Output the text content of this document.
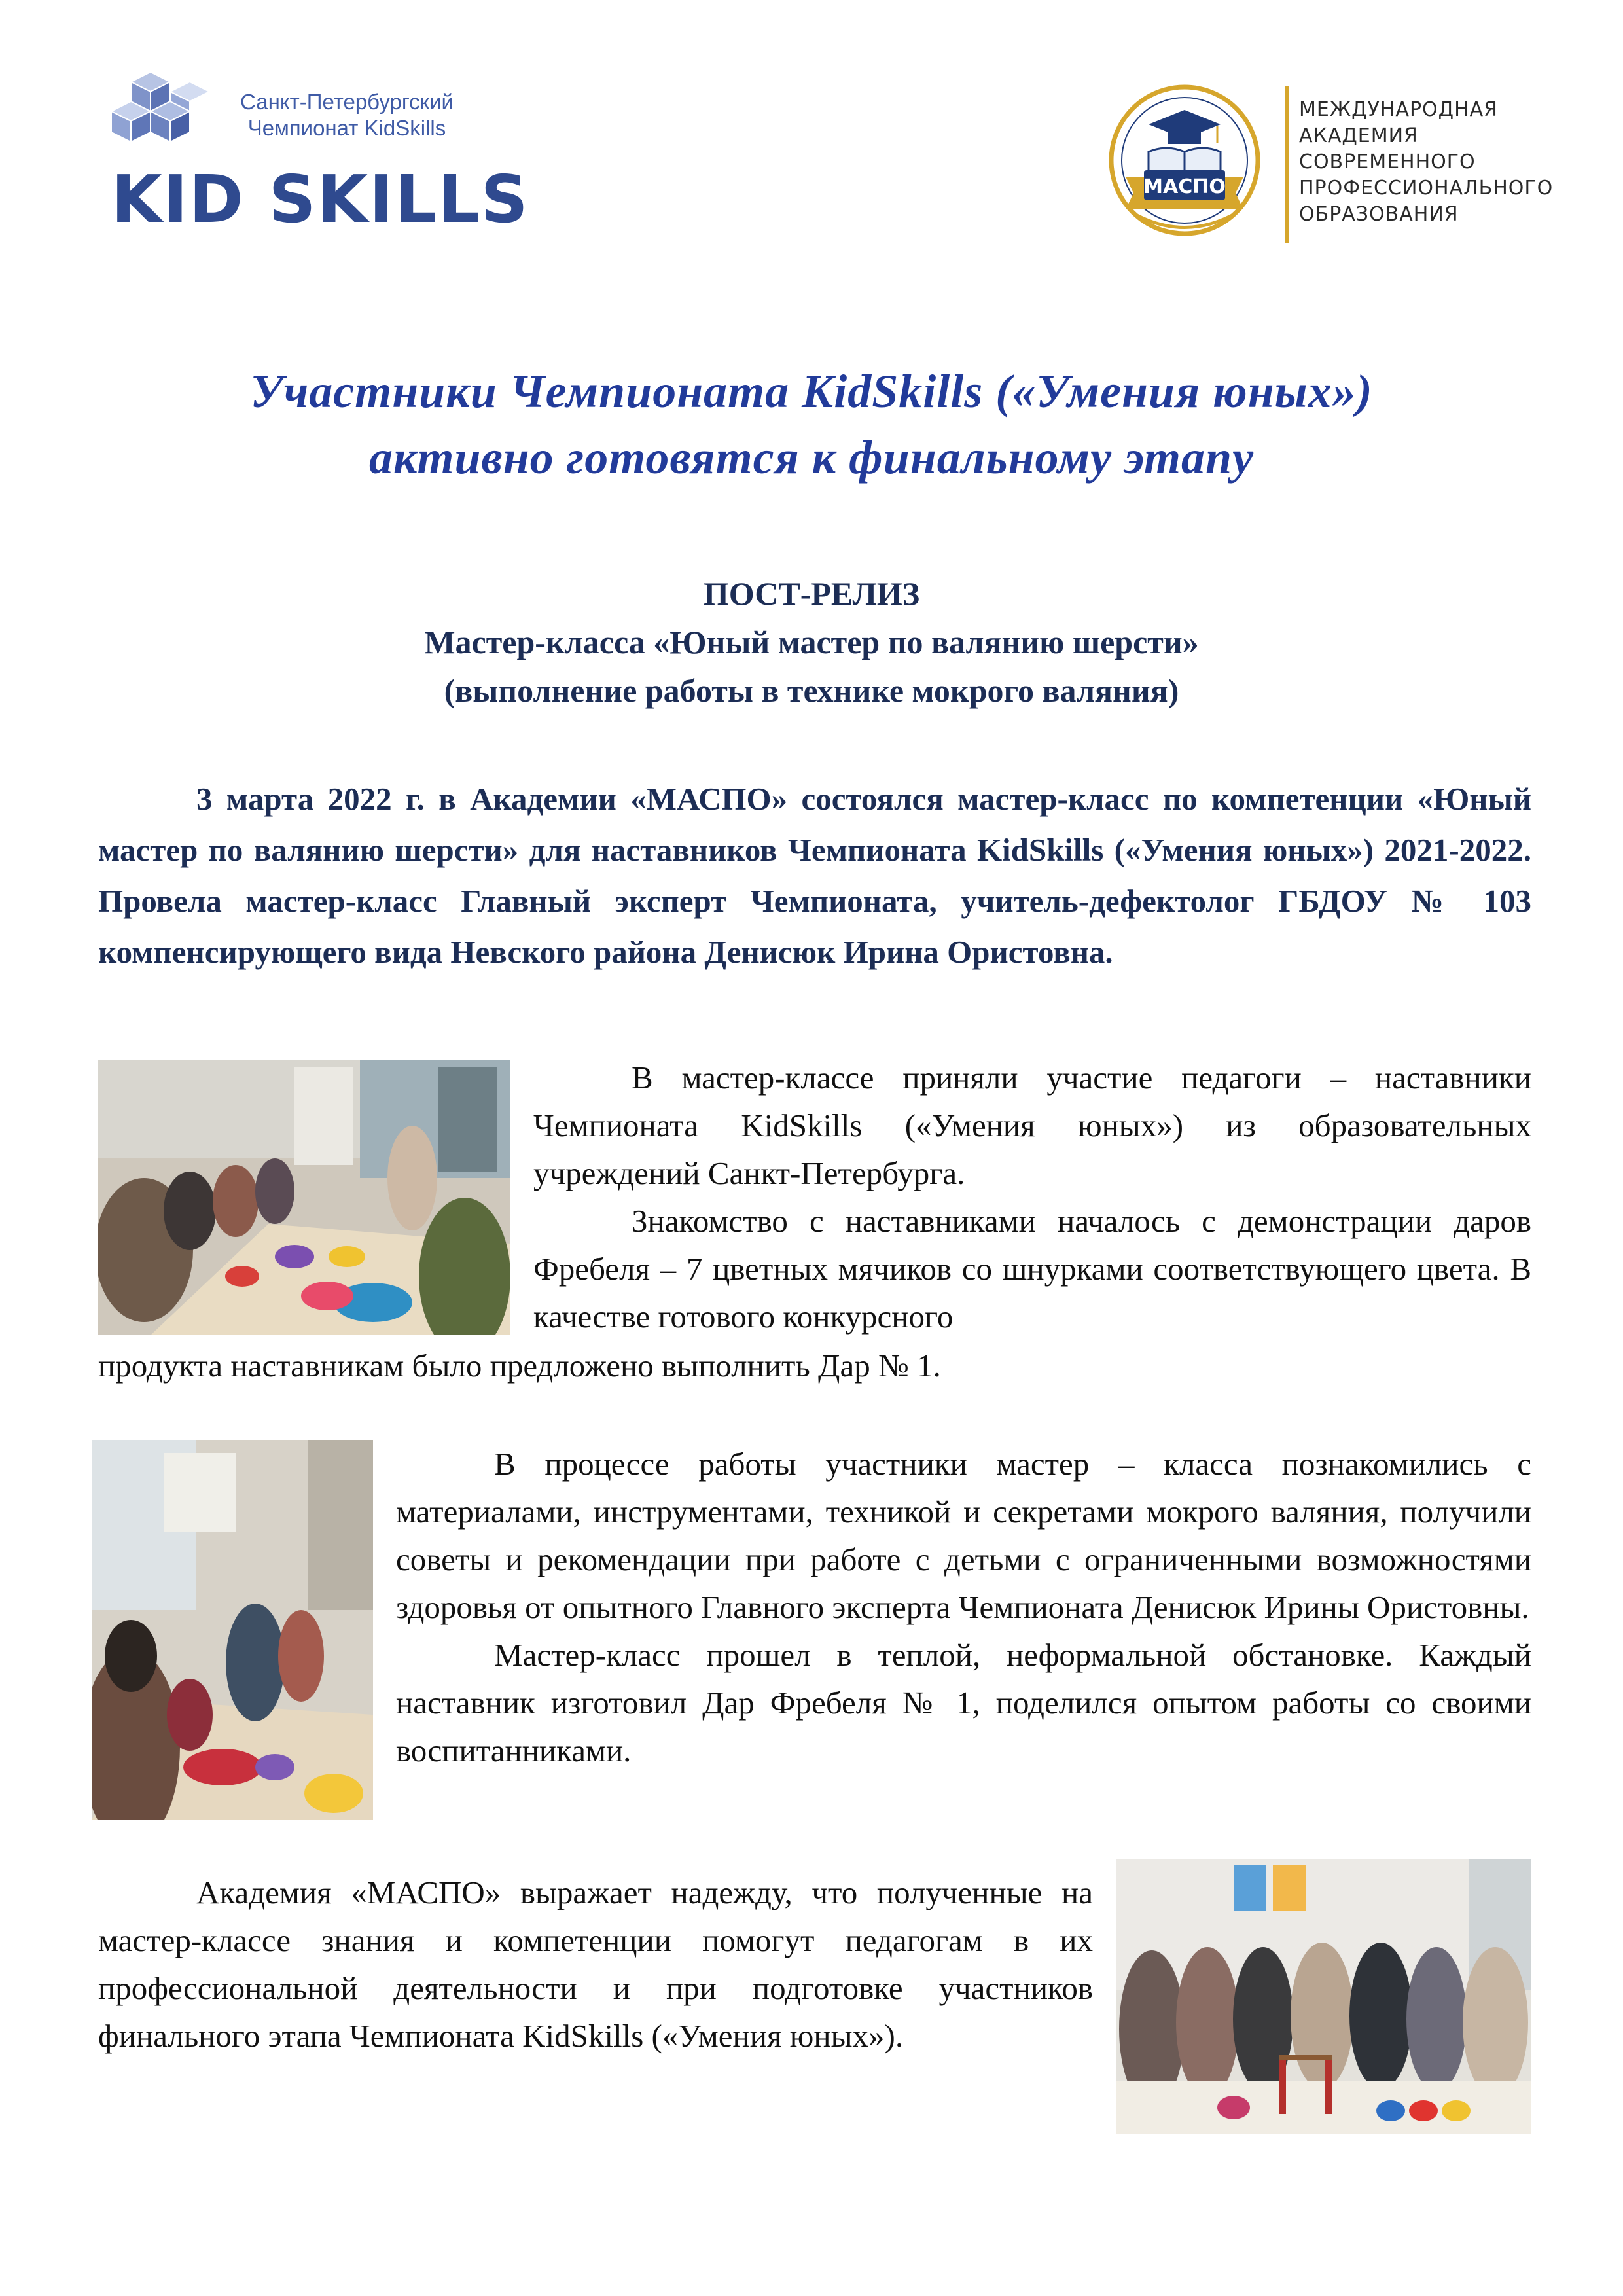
Санкт-Петербургский
Чемпионат KidSkills
KID SKILLS	МАСПО
МЕЖДУНАРОДНАЯ
АКАДЕМИЯ
СОВРЕМЕННОГО
ПРОФЕССИОНАЛЬНОГО
ОБРАЗОВАНИЯ
Участники Чемпионата KidSkills («Умения юных»)
активно готовятся к финальному этапу
ПОСТ-РЕЛИЗ
Мастер-класса «Юный мастер по валянию шерсти»
(выполнение работы в технике мокрого валяния)
3 марта 2022 г. в Академии «МАСПО» состоялся мастер-класс по компетенции «Юный мастер по валянию шерсти» для наставников Чемпионата KidSkills («Умения юных») 2021-2022. Провела мастер-класс Главный эксперт Чемпионата, учитель-дефектолог ГБДОУ № 103 компенсирующего вида Невского района Денисюк Ирина Ористовна.
В мастер-классе приняли участие педагоги – наставники Чемпионата KidSkills («Умения юных») из образовательных учреждений Санкт-Петербурга.
Знакомство с наставниками началось с демонстрации даров Фребеля – 7 цветных мячиков со шнурками соответствующего цвета. В качестве готового конкурсного
продукта наставникам было предложено выполнить Дар № 1.
В процессе работы участники мастер – класса познакомились с материалами, инструментами, техникой и секретами мокрого валяния, получили советы и рекомендации при работе с детьми с ограниченными возможностями здоровья от опытного Главного эксперта Чемпионата Денисюк Ирины Ористовны.
Мастер-класс прошел в теплой, неформальной обстановке. Каждый наставник изготовил Дар Фребеля № 1, поделился опытом работы со своими воспитанниками.
Академия «МАСПО» выражает надежду, что полученные на мастер-классе знания и компетенции помогут педагогам в их профессиональной деятельности и при подготовке участников финального этапа Чемпионата KidSkills («Умения юных»).
